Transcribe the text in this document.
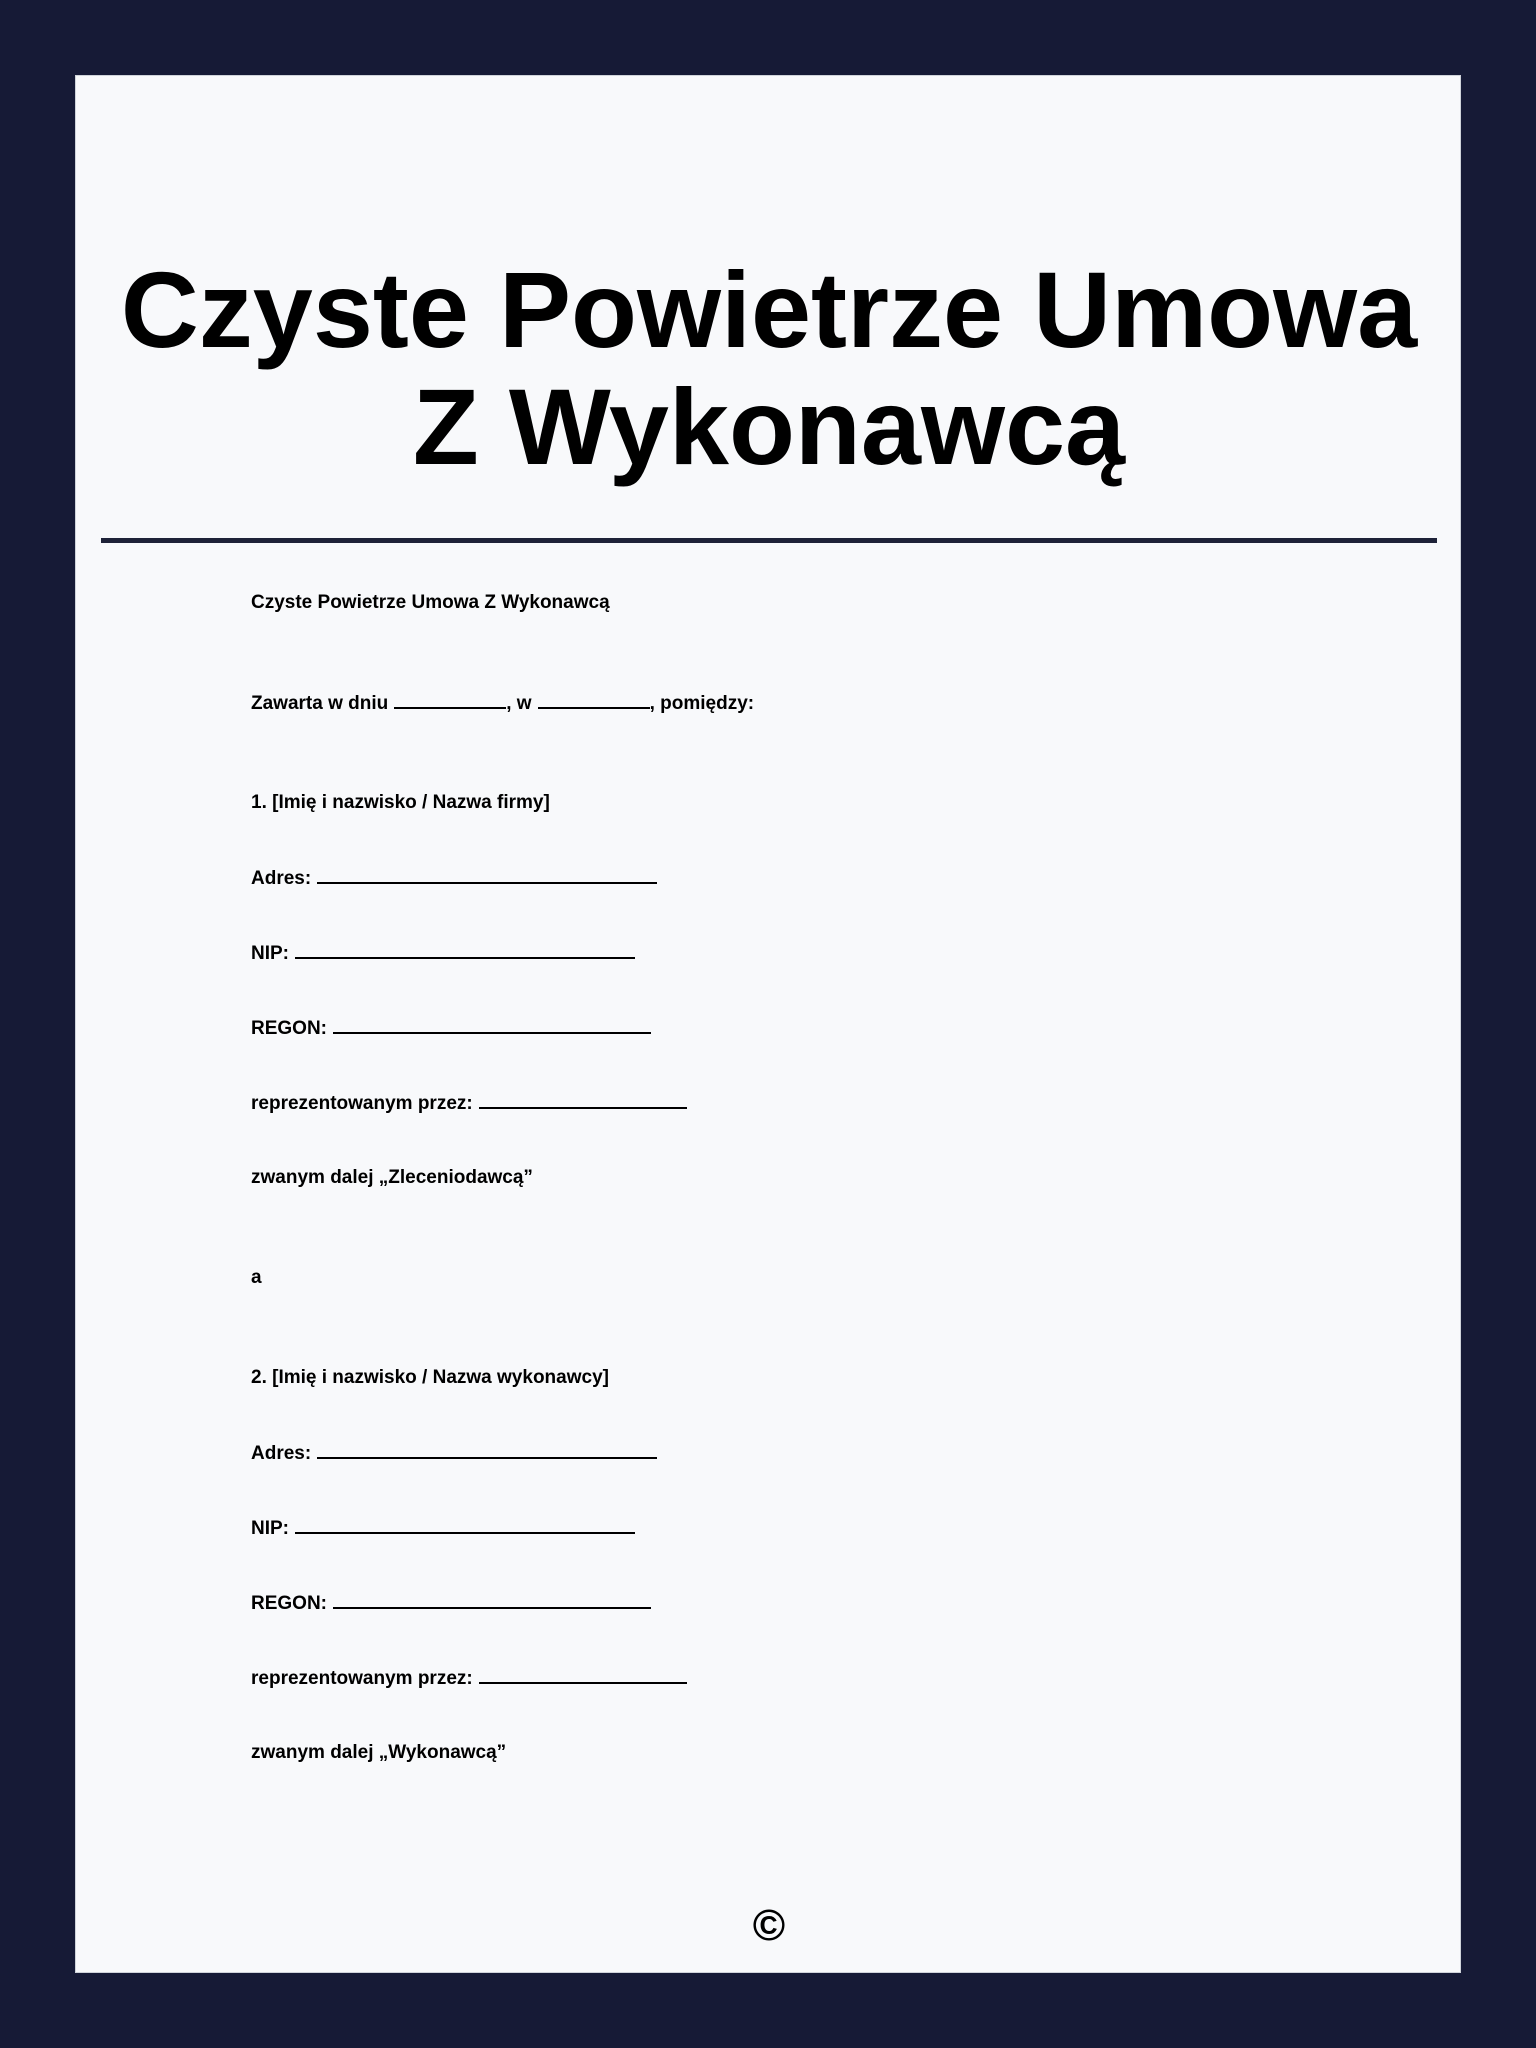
Czyste Powietrze Umowa Z Wykonawcą
Czyste Powietrze Umowa Z Wykonawcą
Zawarta w dniu	, w	, pomiędzy:
1. [Imię i nazwisko / Nazwa firmy]
Adres:
NIP:
REGON:
reprezentowanym przez:
zwanym dalej „Zleceniodawcą”
a
2. [Imię i nazwisko / Nazwa wykonawcy]
Adres:
NIP:
REGON:
reprezentowanym przez:
zwanym dalej „Wykonawcą”
©
